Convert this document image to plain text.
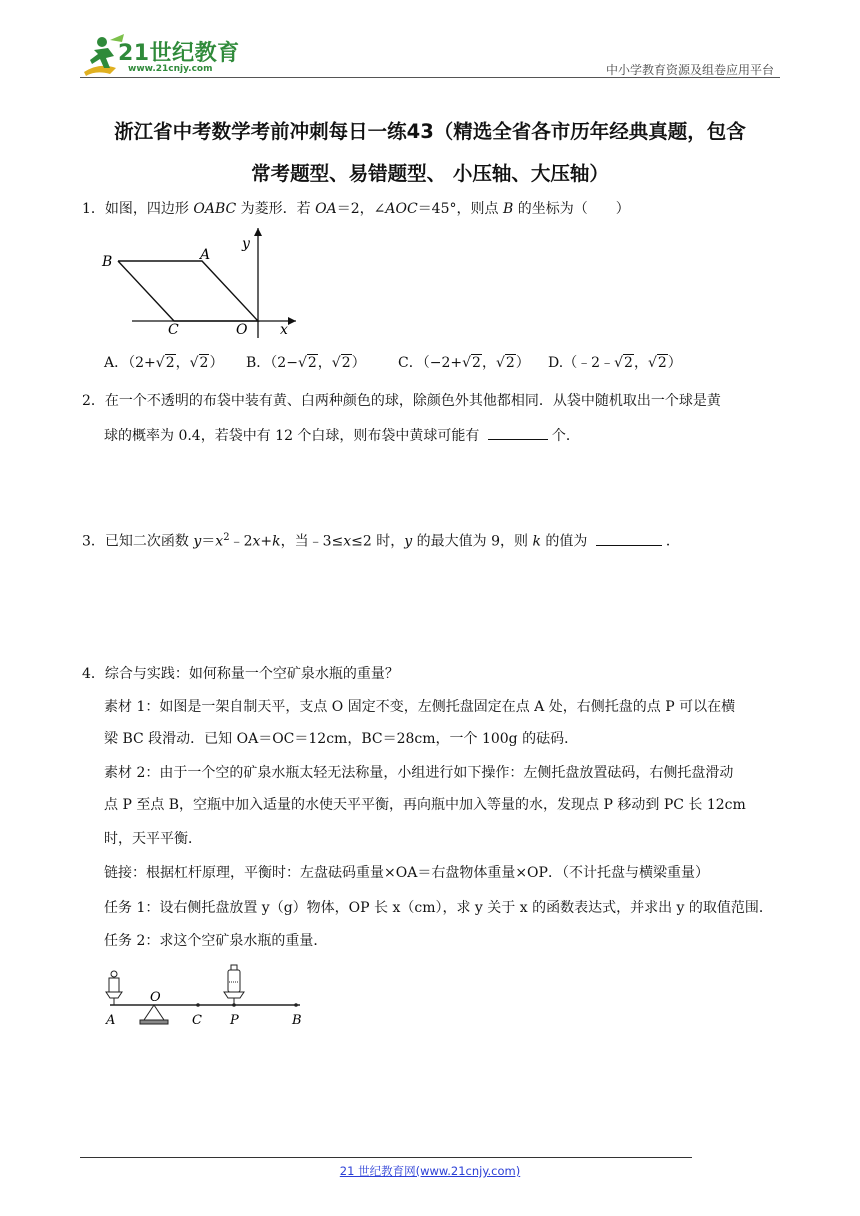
21世纪教育
www.21cnjy.com	中小学教育资源及组卷应用平台
浙江省中考数学考前冲刺每日一练43（精选全省各市历年经典真题，包含
常考题型、易错题型、 小压轴、大压轴）
1．如图，四边形 OABC 为菱形．若 OA＝2，∠AOC＝45°，则点 B 的坐标为（　　）
B	A
C	O x
y
A．（2+√2，√2） B．（2−√2，√2） C．（−2+√2，√2） D.（﹣2﹣√2，√2）
2．在一个不透明的布袋中装有黄、白两种颜色的球，除颜色外其他都相同．从袋中随机取出一个球是黄
球的概率为 0.4，若袋中有 12 个白球，则布袋中黄球可能有	个．
3．已知二次函数 $y=x^2﹣2x+k$，当﹣3≤x≤2 时，y 的最大值为 9，则 k 的值为	．
4．综合与实践：如何称量一个空矿泉水瓶的重量？
素材 1：如图是一架自制天平，支点 O 固定不变，左侧托盘固定在点 A 处，右侧托盘的点 P 可以在横
梁 BC 段滑动．已知 OA＝OC＝12cm，BC＝28cm，一个 100g 的砝码．
素材 2：由于一个空的矿泉水瓶太轻无法称量，小组进行如下操作：左侧托盘放置砝码，右侧托盘滑动
点 P 至点 B，空瓶中加入适量的水使天平平衡，再向瓶中加入等量的水，发现点 P 移动到 PC 长 12cm
时，天平平衡．
链接：根据杠杆原理，平衡时：左盘砝码重量×OA＝右盘物体重量×OP．（不计托盘与横梁重量）
任务 1：设右侧托盘放置 y（g）物体，OP 长 x（cm），求 y 关于 x 的函数表达式，并求出 y 的取值范围．
任务 2：求这个空矿泉水瓶的重量．
A
O
C P	B
21 世纪教育网(www.21cnjy.com)
